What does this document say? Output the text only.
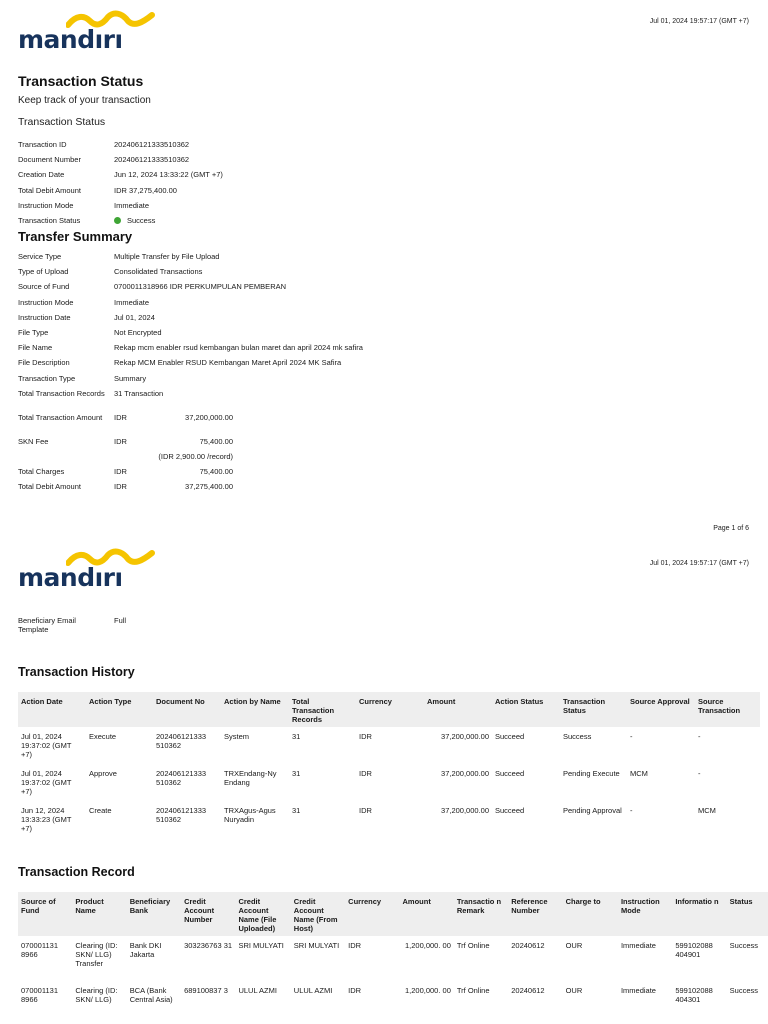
mandırı
Jul 01, 2024 19:57:17 (GMT +7)
Transaction Status
Keep track of your transaction
Transaction Status
Transaction ID	202406121333510362
Document Number	202406121333510362
Creation Date	Jun 12, 2024 13:33:22 (GMT +7)
Total Debit Amount	IDR 37,275,400.00
Instruction Mode	Immediate
Transaction Status	Success
Transfer Summary
Service Type	Multiple Transfer by File Upload
Type of Upload	Consolidated Transactions
Source of Fund	0700011318966 IDR PERKUMPULAN PEMBERAN
Instruction Mode	Immediate
Instruction Date	Jul 01, 2024
File Type	Not Encrypted
File Name	Rekap mcm enabler rsud kembangan bulan maret dan april 2024 mk safira
File Description	Rekap MCM Enabler RSUD Kembangan Maret April 2024 MK Safira
Transaction Type	Summary
Total Transaction Records 31 Transaction
Total Transaction Amount	IDR	37,200,000.00
SKN Fee	IDR	75,400.00
(IDR 2,900.00 /record)
Total Charges	IDR	75,400.00
Total Debit Amount	IDR	37,275,400.00
Page 1 of 6
mandırı	Jul 01, 2024 19:57:17 (GMT +7)
Beneficiary Email Template
Full
Transaction History
Action Date	Action Type	Document No	Action by Name	Total Transaction Records	Currency	Amount	Action Status	Transaction Status	Source Approval	Source Transaction
Jul 01, 2024 19:37:02 (GMT +7)	Execute	202406121333 510362	System	31	IDR	37,200,000.00	Succeed	Success	-	-
Jul 01, 2024 19:37:02 (GMT +7)	Approve	202406121333 510362	TRXEndang-Ny Endang	31	IDR	37,200,000.00	Succeed	Pending Execute	MCM	-
Jun 12, 2024 13:33:23 (GMT +7)	Create	202406121333 510362	TRXAgus-Agus Nuryadin	31	IDR	37,200,000.00	Succeed	Pending Approval	-	MCM
Transaction Record
Source of Fund	Product Name	Beneficiary Bank	Credit Account Number	Credit Account Name (File Uploaded)	Credit Account Name (From Host)	Currency	Amount	Transactio n Remark	Reference Number	Charge to	Instruction Mode	Informatio n	Status
070001131 8966	Clearing (ID: SKN/ LLG) Transfer	Bank DKI Jakarta	303236763 31	SRI MULYATI	SRI MULYATI	IDR	1,200,000. 00	Trf Online	20240612	OUR	Immediate	599102088 404901	Success
070001131 8966	Clearing (ID: SKN/ LLG)	BCA (Bank Central Asia)	689100837 3	ULUL AZMI	ULUL AZMI	IDR	1,200,000. 00	Trf Online	20240612	OUR	Immediate	599102088 404301	Success
